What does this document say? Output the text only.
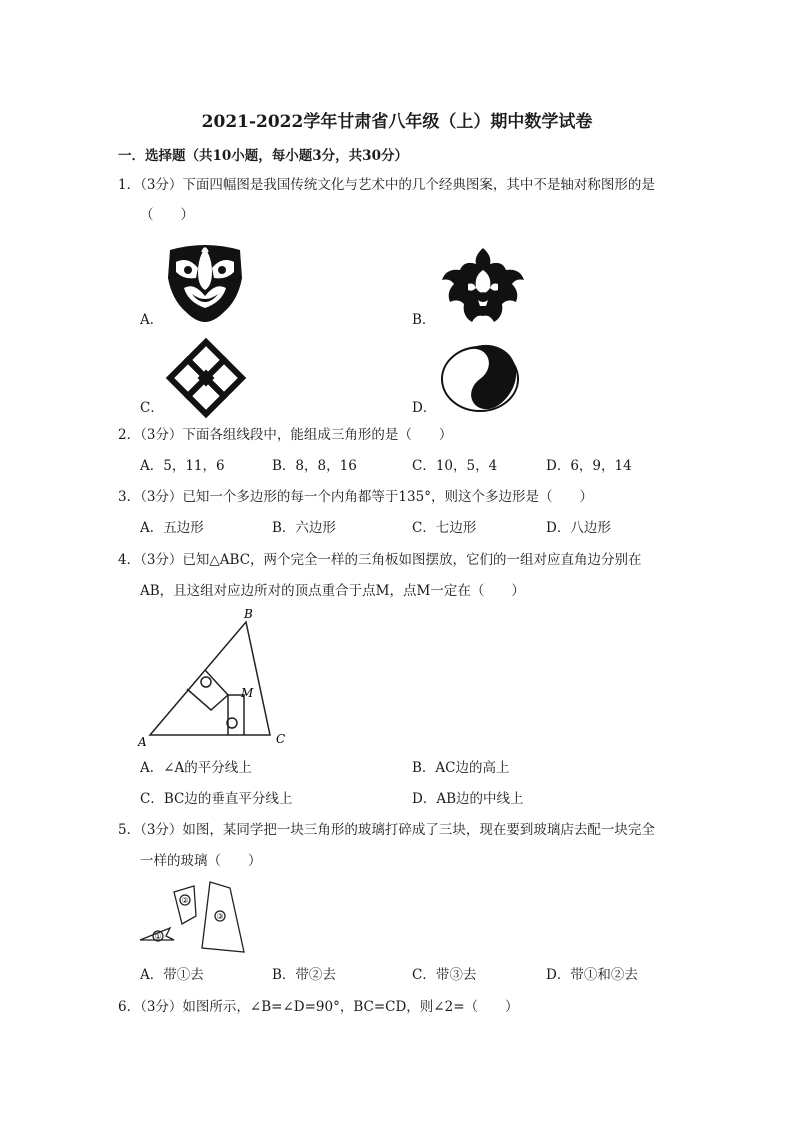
2021-2022学年甘肃省八年级（上）期中数学试卷
一．选择题（共10小题，每小题3分，共30分）
1．（3分）下面四幅图是我国传统文化与艺术中的几个经典图案，其中不是轴对称图形的是
（　　）
A．	B．
C．	D．
2．（3分）下面各组线段中，能组成三角形的是（　　）
A．5，11，6	B．8，8，16	C．10，5，4	D．6，9，14
3．（3分）已知一个多边形的每一个内角都等于135°，则这个多边形是（　　）
A．五边形	B．六边形	C．七边形	D．八边形
4．（3分）已知△ABC，两个完全一样的三角板如图摆放，它们的一组对应直角边分别在
AB，且这组对应边所对的顶点重合于点M，点M一定在（　　）
B
A	C
M
A．∠A的平分线上	B．AC边的高上
C．BC边的垂直平分线上	D．AB边的中线上
5．（3分）如图，某同学把一块三角形的玻璃打碎成了三块，现在要到玻璃店去配一块完全
一样的玻璃（　　）
①
②
③
A．带①去	B．带②去	C．带③去	D．带①和②去
6．（3分）如图所示，∠B=∠D=90°，BC=CD，则∠2=（　　）
